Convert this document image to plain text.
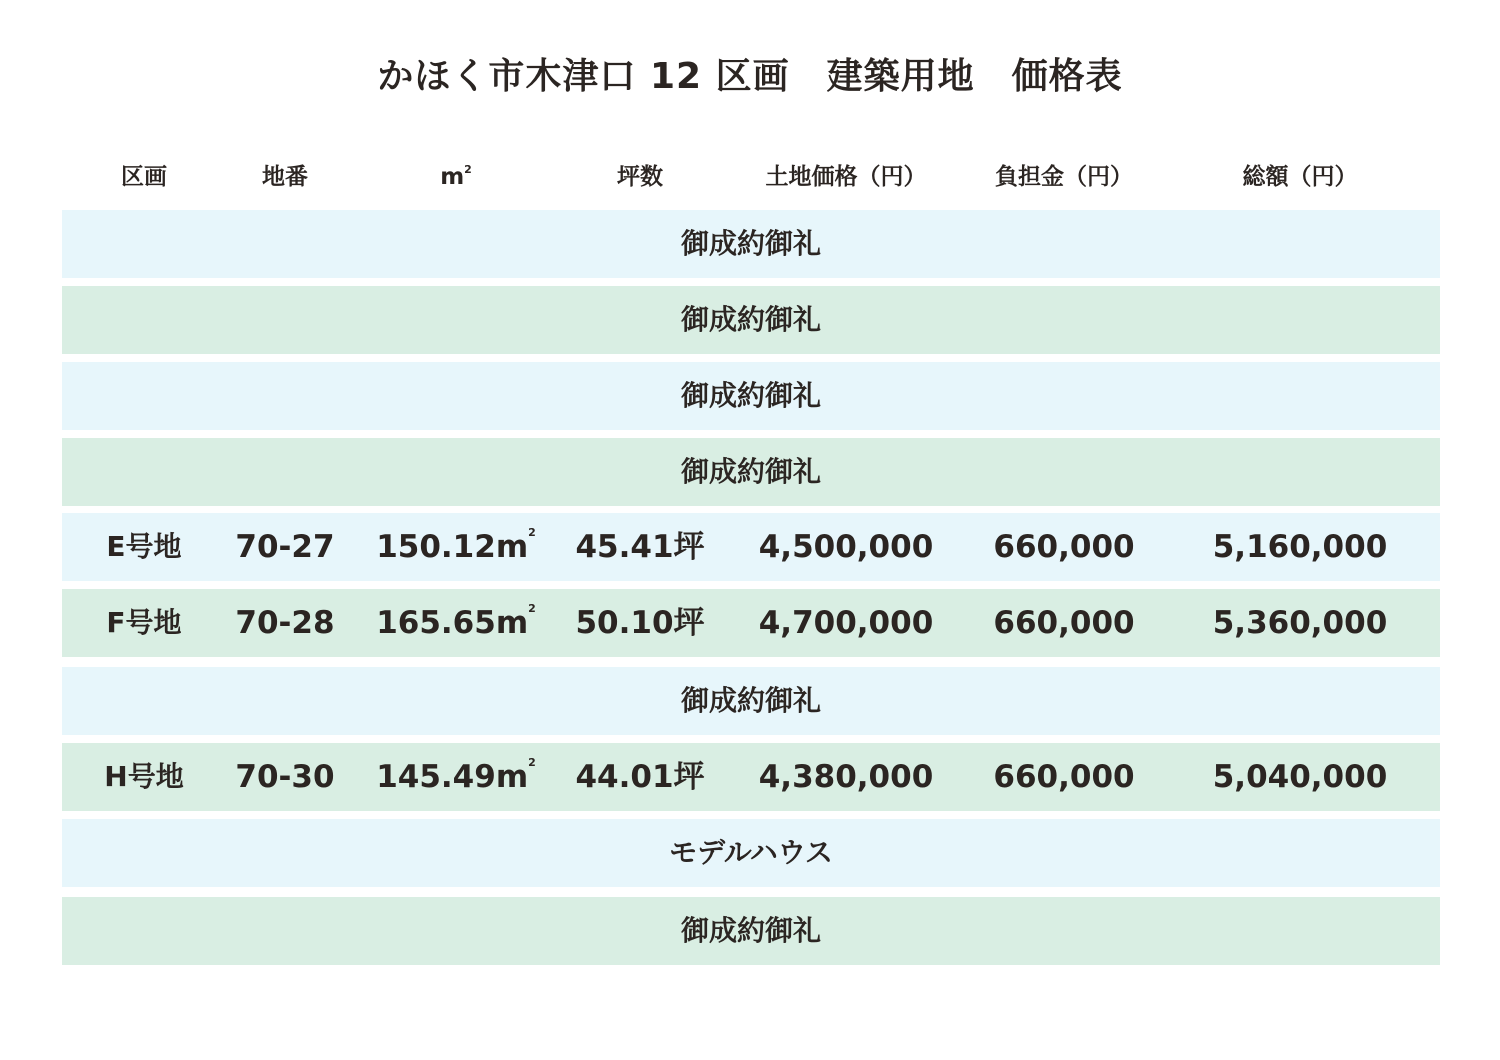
かほく市木津口 12 区画　建築用地　価格表
区画	地番	$m^2$	坪数	土地価格（円）	負担金（円）	総額（円）
御成約御礼
御成約御礼
御成約御礼
御成約御礼
E号地	70-27	$150.12m^2$	45.41坪	4,500,000	660,000	5,160,000
F号地	70-28	$165.65m^2$	50.10坪	4,700,000	660,000	5,360,000
御成約御礼
H号地	70-30	$145.49m^2$	44.01坪	4,380,000	660,000	5,040,000
モデルハウス
御成約御礼
